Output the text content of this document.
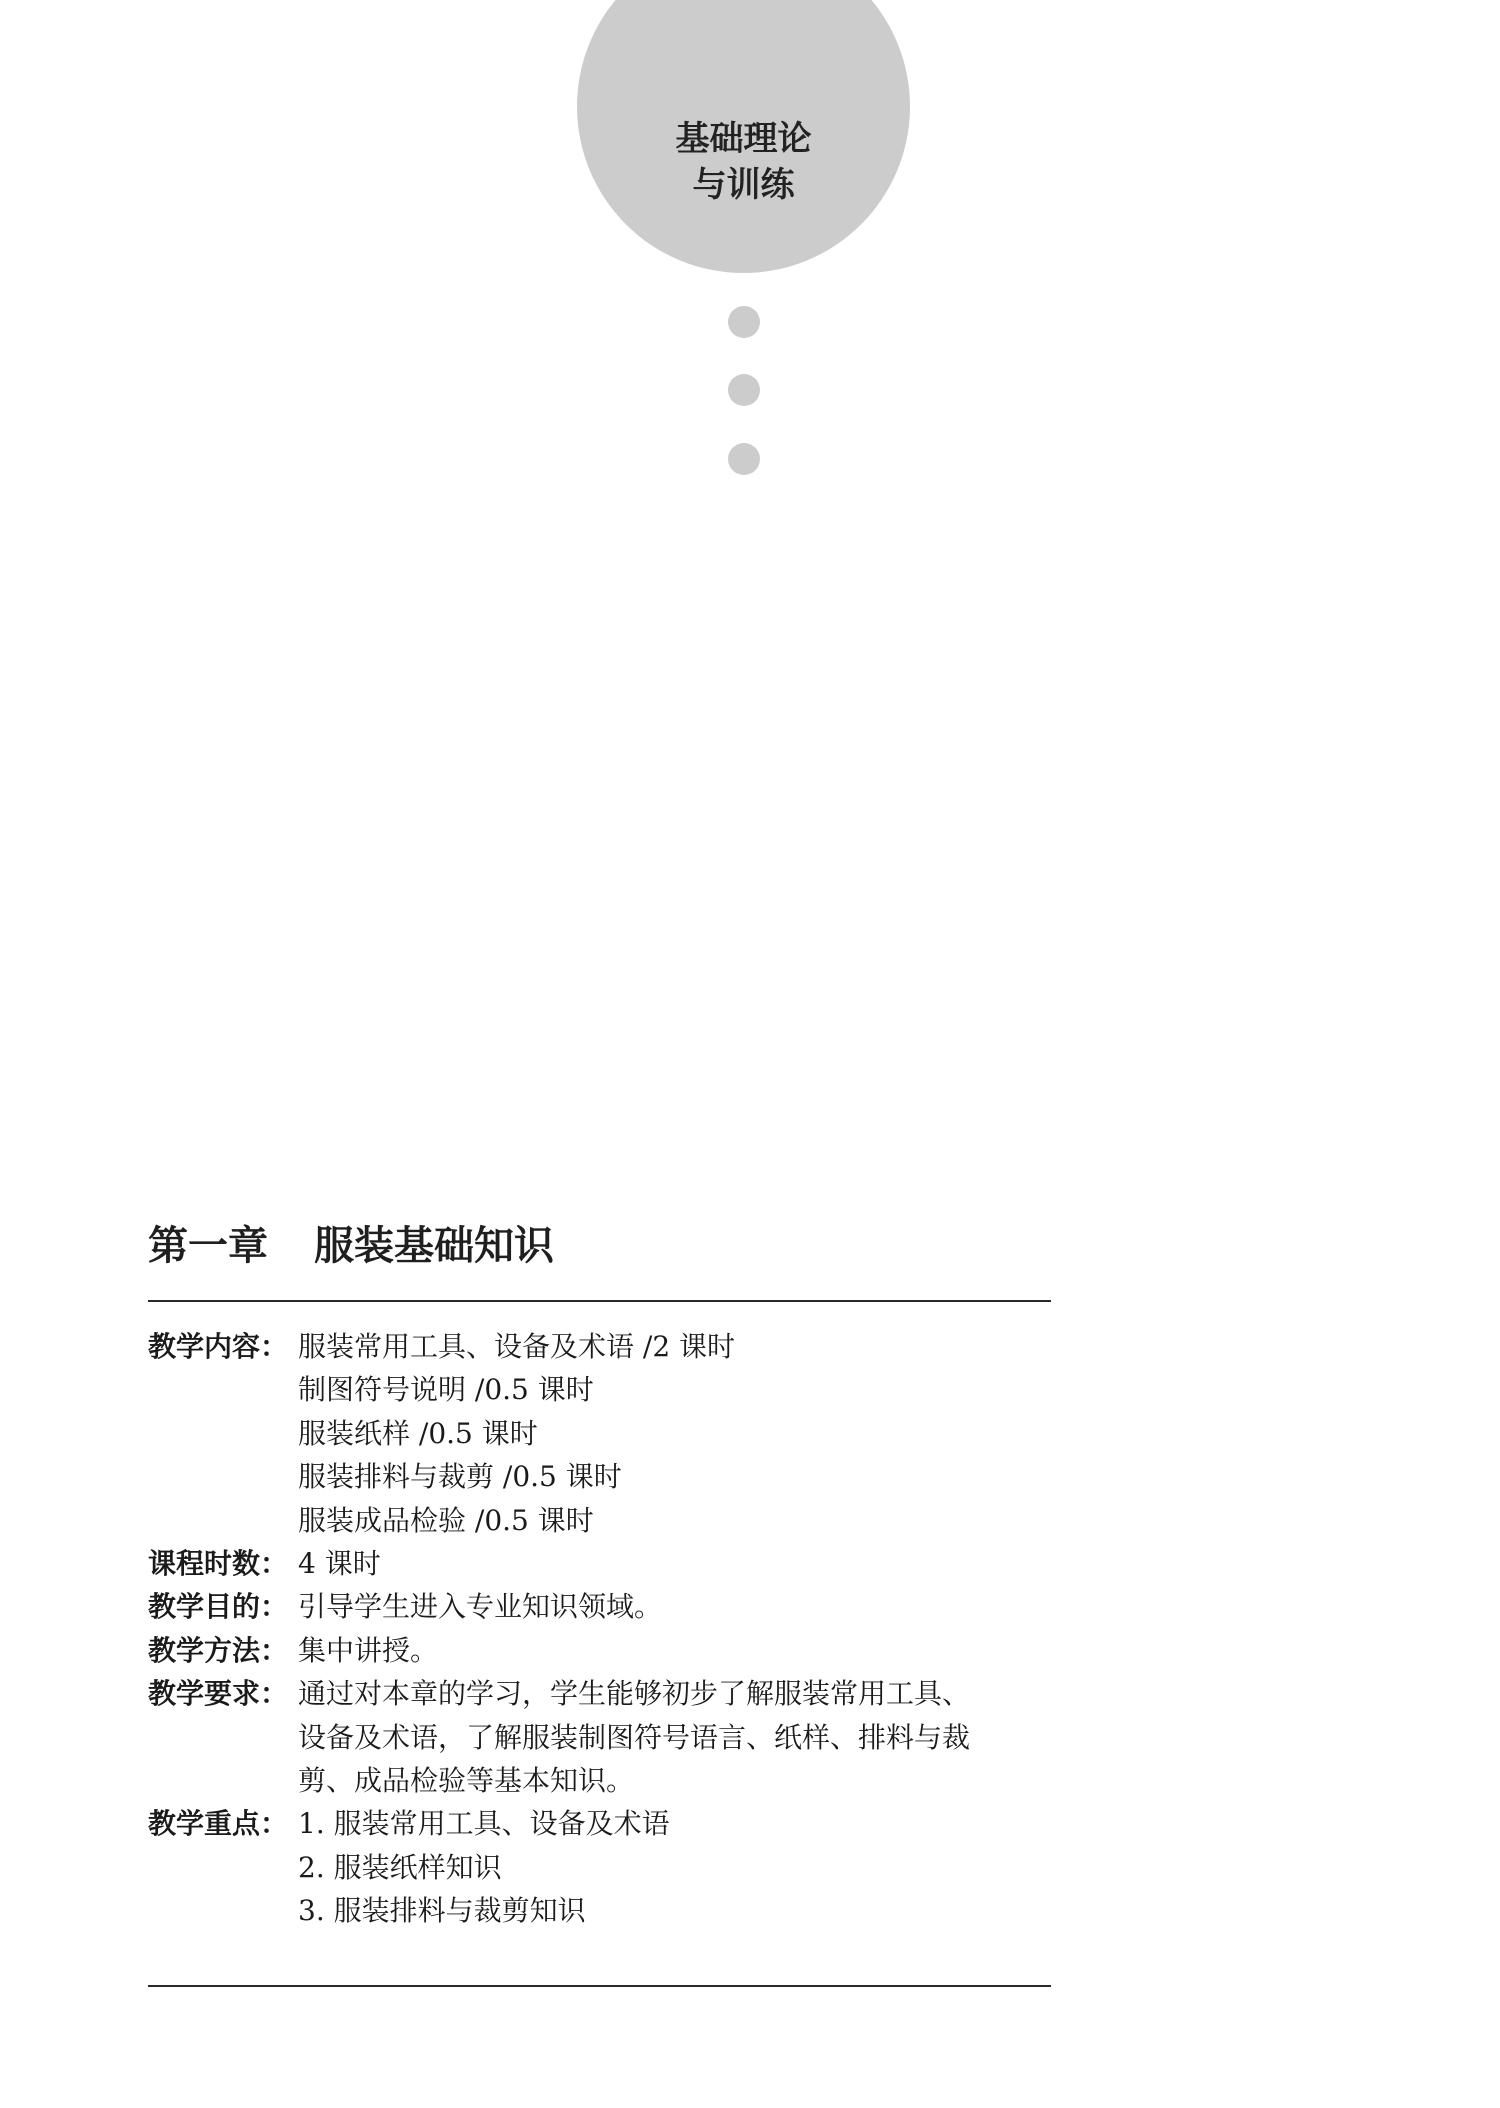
基础理论
与训练
第一章 服装基础知识
教学内容： 服装常用工具、设备及术语 /2 课时
制图符号说明 /0.5 课时
服装纸样 /0.5 课时
服装排料与裁剪 /0.5 课时
服装成品检验 /0.5 课时
课程时数： 4 课时
教学目的： 引导学生进入专业知识领域。
教学方法： 集中讲授。
教学要求： 通过对本章的学习，学生能够初步了解服装常用工具、
设备及术语，了解服装制图符号语言、纸样、排料与裁
剪、成品检验等基本知识。
教学重点： 1. 服装常用工具、设备及术语
2. 服装纸样知识
3. 服装排料与裁剪知识
